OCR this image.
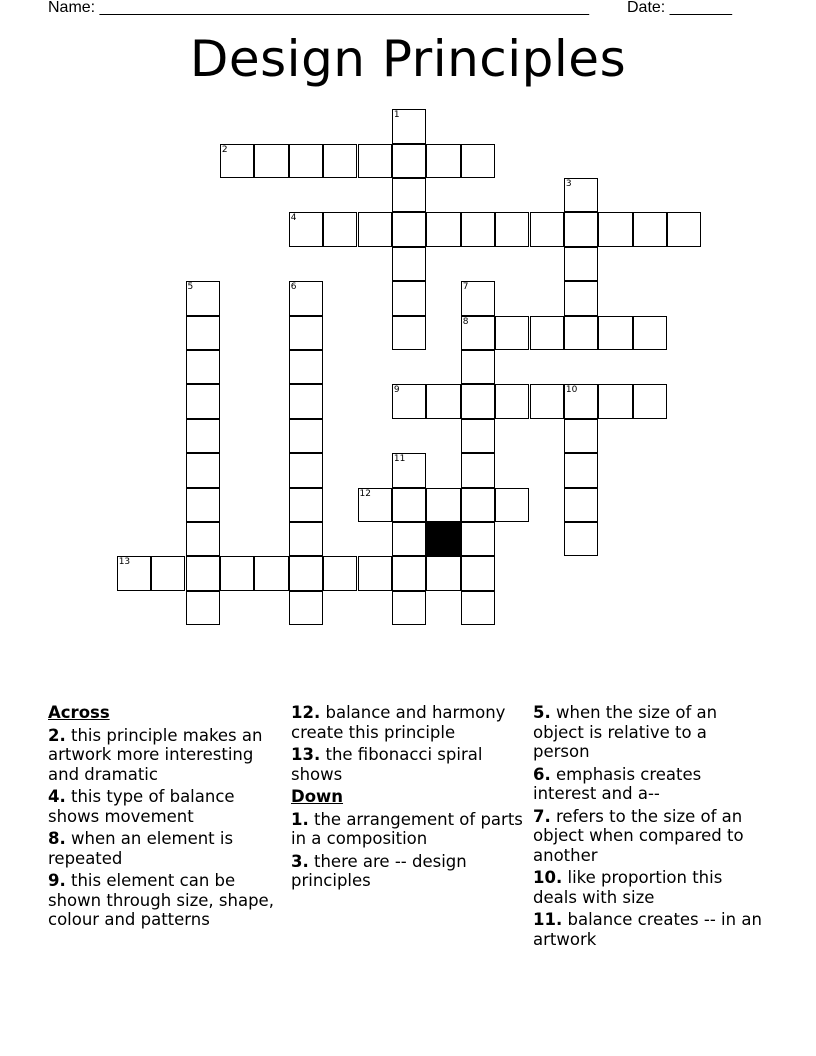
Name: _______________________________________________________ Date: _______
Design Principles
2
4
8
9	10
12
13
1
3
5	6	7
11
Across
2. this principle makes an artwork more interesting and dramatic
4. this type of balance shows movement
8. when an element is repeated
9. this element can be shown through size, shape, colour and patterns
12. balance and harmony create this principle
13. the fibonacci spiral shows
Down
1. the arrangement of parts in a composition
3. there are -- design principles
5. when the size of an object is relative to a person
6. emphasis creates interest and a--
7. refers to the size of an object when compared to another
10. like proportion this deals with size
11. balance creates -- in an artwork
